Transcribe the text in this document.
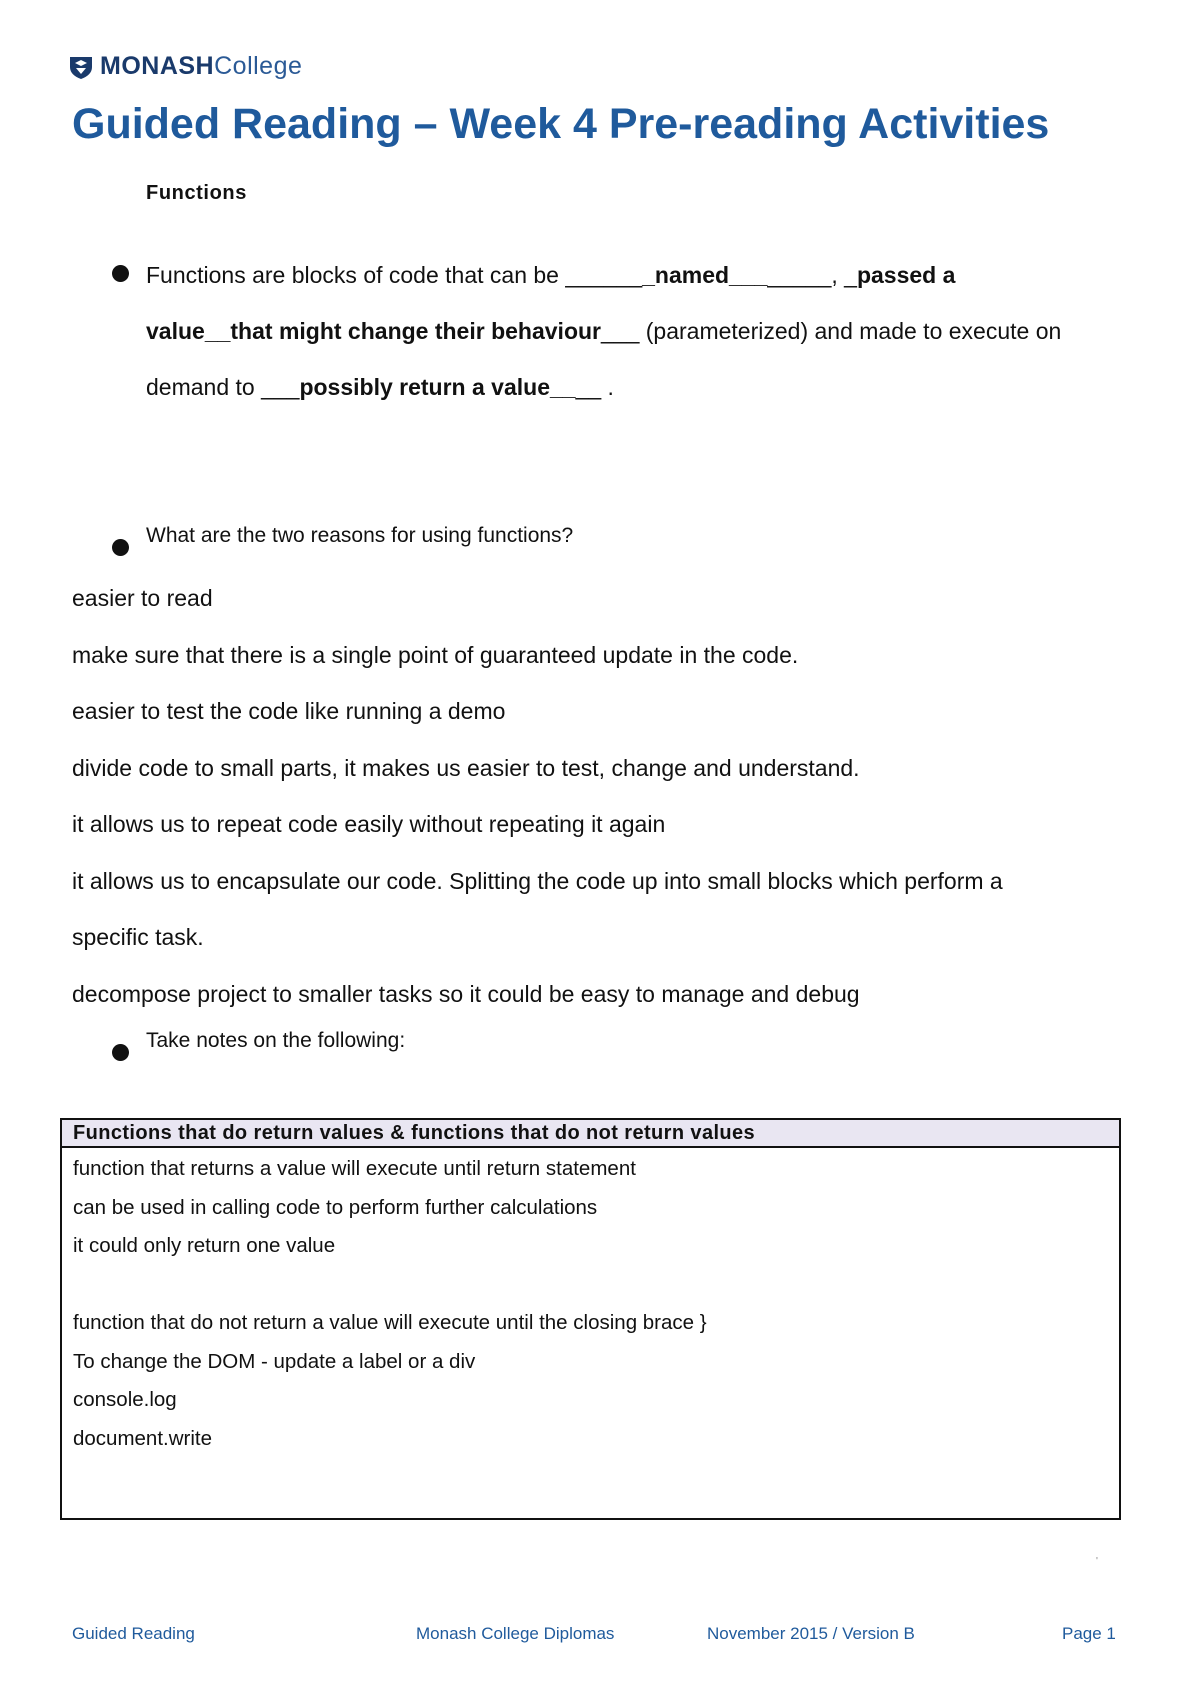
MONASHCollege
Guided Reading – Week 4 Pre-reading Activities
Functions
Functions are blocks of code that can be _______named________, _passed a
value__that might change their behaviour___ (parameterized) and made to execute on
demand to ___possibly return a value____ .
What are the two reasons for using functions?
easier to read
make sure that there is a single point of guaranteed update in the code.
easier to test the code like running a demo
divide code to small parts, it makes us easier to test, change and understand.
it allows us to repeat code easily without repeating it again
it allows us to encapsulate our code. Splitting the code up into small blocks which perform a
specific task.
decompose project to smaller tasks so it could be easy to manage and debug
Take notes on the following:
Functions that do return values & functions that do not return values
function that returns a value will execute until return statement
can be used in calling code to perform further calculations
it could only return one value
function that do not return a value will execute until the closing brace }
To change the DOM - update a label or a div
console.log
document.write
'
Guided Reading	Monash College Diplomas	November 2015 / Version B	Page 1
